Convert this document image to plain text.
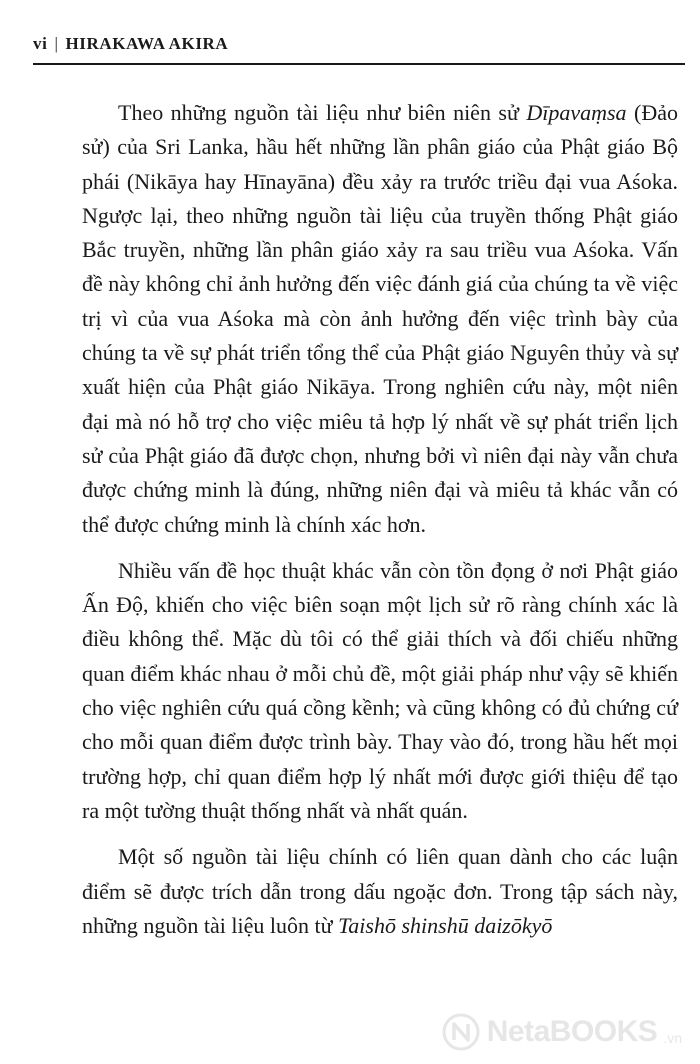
vi | HIRAKAWA AKIRA

Theo những nguồn tài liệu như biên niên sử Dīpavaṃsa (Đảo sử) của Sri Lanka, hầu hết những lần phân giáo của Phật giáo Bộ phái (Nikāya hay Hīnayāna) đều xảy ra trước triều đại vua Aśoka. Ngược lại, theo những nguồn tài liệu của truyền thống Phật giáo Bắc truyền, những lần phân giáo xảy ra sau triều vua Aśoka. Vấn đề này không chỉ ảnh hưởng đến việc đánh giá của chúng ta về việc trị vì của vua Aśoka mà còn ảnh hưởng đến việc trình bày của chúng ta về sự phát triển tổng thể của Phật giáo Nguyên thủy và sự xuất hiện của Phật giáo Nikāya. Trong nghiên cứu này, một niên đại mà nó hỗ trợ cho việc miêu tả hợp lý nhất về sự phát triển lịch sử của Phật giáo đã được chọn, nhưng bởi vì niên đại này vẫn chưa được chứng minh là đúng, những niên đại và miêu tả khác vẫn có thể được chứng minh là chính xác hơn.

Nhiều vấn đề học thuật khác vẫn còn tồn đọng ở nơi Phật giáo Ấn Độ, khiến cho việc biên soạn một lịch sử rõ ràng chính xác là điều không thể. Mặc dù tôi có thể giải thích và đối chiếu những quan điểm khác nhau ở mỗi chủ đề, một giải pháp như vậy sẽ khiến cho việc nghiên cứu quá cồng kềnh; và cũng không có đủ chứng cứ cho mỗi quan điểm được trình bày. Thay vào đó, trong hầu hết mọi trường hợp, chỉ quan điểm hợp lý nhất mới được giới thiệu để tạo ra một tường thuật thống nhất và nhất quán.

Một số nguồn tài liệu chính có liên quan dành cho các luận điểm sẽ được trích dẫn trong dấu ngoặc đơn. Trong tập sách này, những nguồn tài liệu luôn từ Taishō shinshū daizōkyō

NetaBOOKS .vn
